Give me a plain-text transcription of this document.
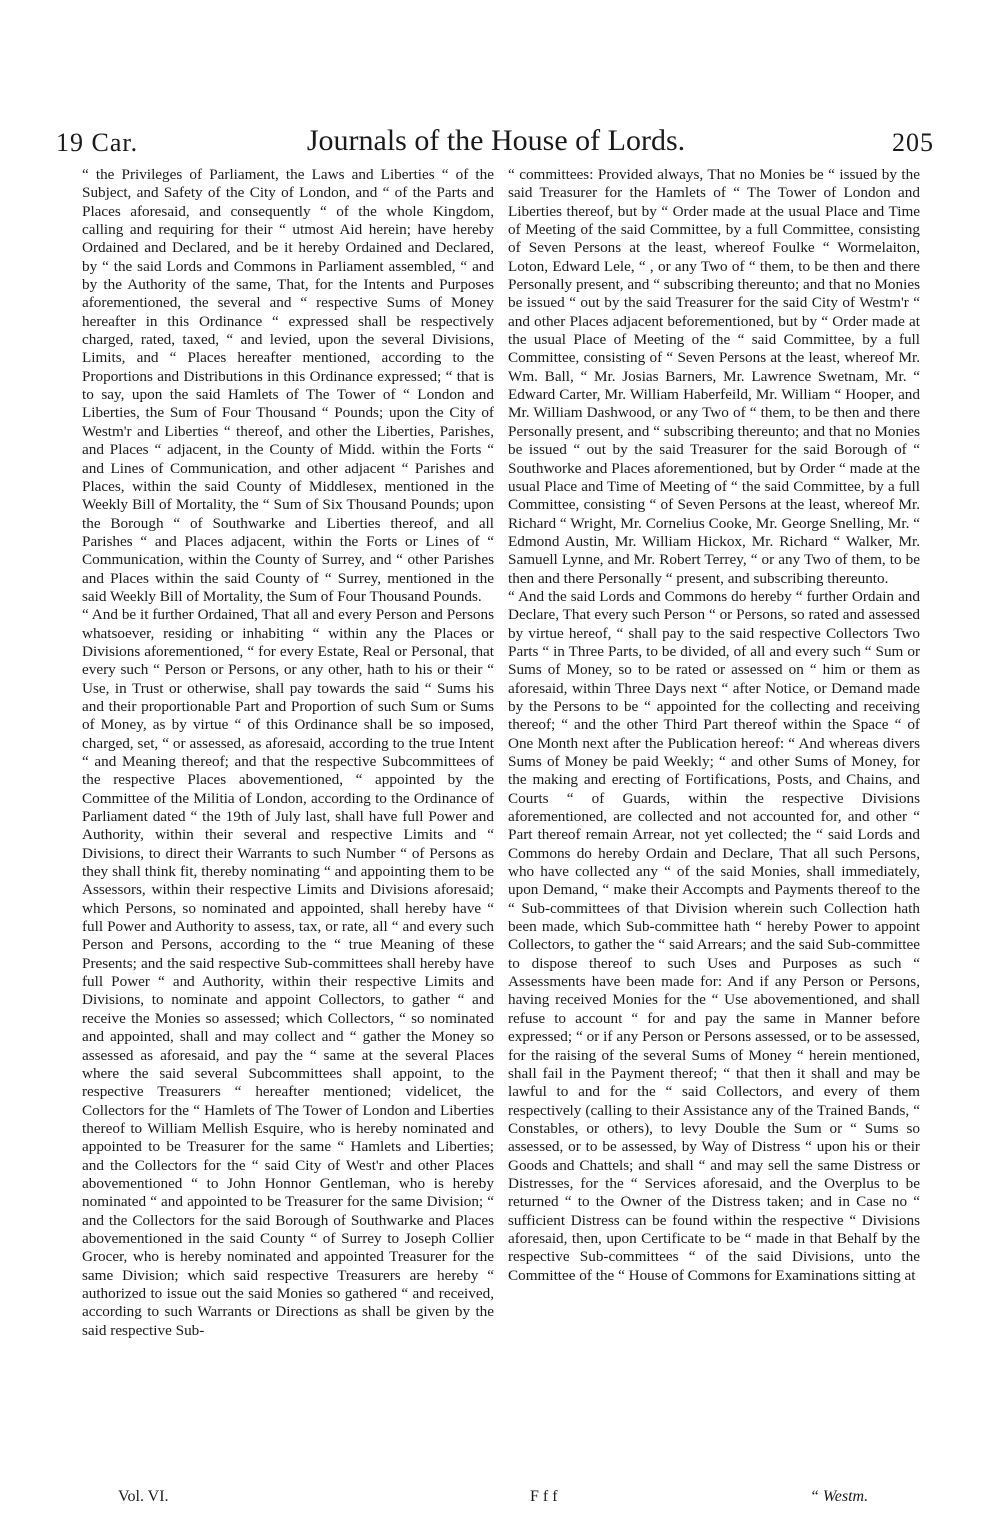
19 Car.	Journals of the House of Lords.	205

“ the Privileges of Parliament, the Laws and Liberties “ of the Subject, and Safety of the City of London, and “ of the Parts and Places aforesaid, and consequently “ of the whole Kingdom, calling and requiring for their “ utmost Aid herein; have hereby Ordained and Declared, and be it hereby Ordained and Declared, by “ the said Lords and Commons in Parliament assembled, “ and by the Authority of the same, That, for the Intents and Purposes aforementioned, the several and “ respective Sums of Money hereafter in this Ordinance “ expressed shall be respectively charged, rated, taxed, “ and levied, upon the several Divisions, Limits, and “ Places hereafter mentioned, according to the Proportions and Distributions in this Ordinance expressed; “ that is to say, upon the said Hamlets of The Tower of “ London and Liberties, the Sum of Four Thousand “ Pounds; upon the City of Westm'r and Liberties “ thereof, and other the Liberties, Parishes, and Places “ adjacent, in the County of Midd. within the Forts “ and Lines of Communication, and other adjacent “ Parishes and Places, within the said County of Middlesex, mentioned in the Weekly Bill of Mortality, the “ Sum of Six Thousand Pounds; upon the Borough “ of Southwarke and Liberties thereof, and all Parishes “ and Places adjacent, within the Forts or Lines of “ Communication, within the County of Surrey, and “ other Parishes and Places within the said County of “ Surrey, mentioned in the said Weekly Bill of Mortality, the Sum of Four Thousand Pounds.

“ And be it further Ordained, That all and every Person and Persons whatsoever, residing or inhabiting “ within any the Places or Divisions aforementioned, “ for every Estate, Real or Personal, that every such “ Person or Persons, or any other, hath to his or their “ Use, in Trust or otherwise, shall pay towards the said “ Sums his and their proportionable Part and Proportion of such Sum or Sums of Money, as by virtue “ of this Ordinance shall be so imposed, charged, set, “ or assessed, as aforesaid, according to the true Intent “ and Meaning thereof; and that the respective Subcommittees of the respective Places abovementioned, “ appointed by the Committee of the Militia of London, according to the Ordinance of Parliament dated “ the 19th of July last, shall have full Power and Authority, within their several and respective Limits and “ Divisions, to direct their Warrants to such Number “ of Persons as they shall think fit, thereby nominating “ and appointing them to be Assessors, within their respective Limits and Divisions aforesaid; which Persons, so nominated and appointed, shall hereby have “ full Power and Authority to assess, tax, or rate, all “ and every such Person and Persons, according to the “ true Meaning of these Presents; and the said respective Sub-committees shall hereby have full Power “ and Authority, within their respective Limits and Divisions, to nominate and appoint Collectors, to gather “ and receive the Monies so assessed; which Collectors, “ so nominated and appointed, shall and may collect and “ gather the Money so assessed as aforesaid, and pay the “ same at the several Places where the said several Subcommittees shall appoint, to the respective Treasurers “ hereafter mentioned; videlicet, the Collectors for the “ Hamlets of The Tower of London and Liberties thereof to William Mellish Esquire, who is hereby nominated and appointed to be Treasurer for the same “ Hamlets and Liberties; and the Collectors for the “ said City of West'r and other Places abovementioned “ to John Honnor Gentleman, who is hereby nominated “ and appointed to be Treasurer for the same Division; “ and the Collectors for the said Borough of Southwarke and Places abovementioned in the said County “ of Surrey to Joseph Collier Grocer, who is hereby nominated and appointed Treasurer for the same Division; which said respective Treasurers are hereby “ authorized to issue out the said Monies so gathered “ and received, according to such Warrants or Directions as shall be given by the said respective Sub-

“ committees: Provided always, That no Monies be “ issued by the said Treasurer for the Hamlets of “ The Tower of London and Liberties thereof, but by “ Order made at the usual Place and Time of Meeting of the said Committee, by a full Committee, consisting of Seven Persons at the least, whereof Foulke “ Wormelaiton, Loton, Edward Lele, “ , or any Two of “ them, to be then and there Personally present, and “ subscribing thereunto; and that no Monies be issued “ out by the said Treasurer for the said City of Westm'r “ and other Places adjacent beforementioned, but by “ Order made at the usual Place of Meeting of the “ said Committee, by a full Committee, consisting of “ Seven Persons at the least, whereof Mr. Wm. Ball, “ Mr. Josias Barners, Mr. Lawrence Swetnam, Mr. “ Edward Carter, Mr. William Haberfeild, Mr. William “ Hooper, and Mr. William Dashwood, or any Two of “ them, to be then and there Personally present, and “ subscribing thereunto; and that no Monies be issued “ out by the said Treasurer for the said Borough of “ Southworke and Places aforementioned, but by Order “ made at the usual Place and Time of Meeting of “ the said Committee, by a full Committee, consisting “ of Seven Persons at the least, whereof Mr. Richard “ Wright, Mr. Cornelius Cooke, Mr. George Snelling, Mr. “ Edmond Austin, Mr. William Hickox, Mr. Richard “ Walker, Mr. Samuell Lynne, and Mr. Robert Terrey, “ or any Two of them, to be then and there Personally “ present, and subscribing thereunto.

“ And the said Lords and Commons do hereby “ further Ordain and Declare, That every such Person “ or Persons, so rated and assessed by virtue hereof, “ shall pay to the said respective Collectors Two Parts “ in Three Parts, to be divided, of all and every such “ Sum or Sums of Money, so to be rated or assessed on “ him or them as aforesaid, within Three Days next “ after Notice, or Demand made by the Persons to be “ appointed for the collecting and receiving thereof; “ and the other Third Part thereof within the Space “ of One Month next after the Publication hereof: “ And whereas divers Sums of Money be paid Weekly; “ and other Sums of Money, for the making and erecting of Fortifications, Posts, and Chains, and Courts “ of Guards, within the respective Divisions aforementioned, are collected and not accounted for, and other “ Part thereof remain Arrear, not yet collected; the “ said Lords and Commons do hereby Ordain and Declare, That all such Persons, who have collected any “ of the said Monies, shall immediately, upon Demand, “ make their Accompts and Payments thereof to the “ Sub-committees of that Division wherein such Collection hath been made, which Sub-committee hath “ hereby Power to appoint Collectors, to gather the “ said Arrears; and the said Sub-committee to dispose thereof to such Uses and Purposes as such “ Assessments have been made for: And if any Person or Persons, having received Monies for the “ Use abovementioned, and shall refuse to account “ for and pay the same in Manner before expressed; “ or if any Person or Persons assessed, or to be assessed, for the raising of the several Sums of Money “ herein mentioned, shall fail in the Payment thereof; “ that then it shall and may be lawful to and for the “ said Collectors, and every of them respectively (calling to their Assistance any of the Trained Bands, “ Constables, or others), to levy Double the Sum or “ Sums so assessed, or to be assessed, by Way of Distress “ upon his or their Goods and Chattels; and shall “ and may sell the same Distress or Distresses, for the “ Services aforesaid, and the Overplus to be returned “ to the Owner of the Distress taken; and in Case no “ sufficient Distress can be found within the respective “ Divisions aforesaid, then, upon Certificate to be “ made in that Behalf by the respective Sub-committees “ of the said Divisions, unto the Committee of the “ House of Commons for Examinations sitting at

Vol. VI.	F f f	“ Westm.
